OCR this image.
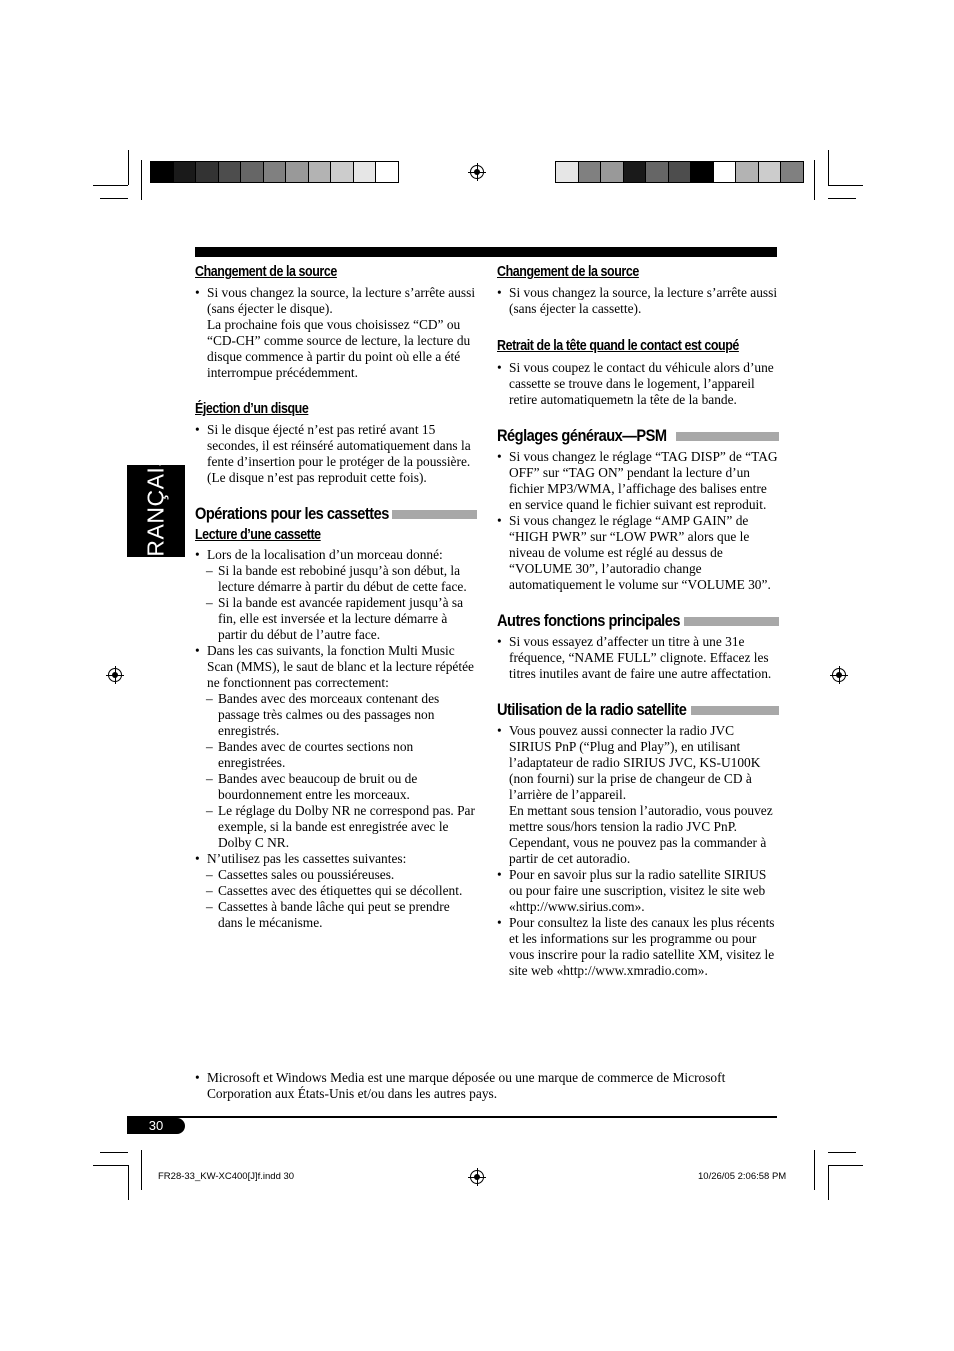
FRANÇAIS

Changement de la source

• Si vous changez la source, la lecture s’arrête aussi (sans éjecter le disque).
La prochaine fois que vous choisissez “CD” ou “CD-CH” comme source de lecture, la lecture du disque commence à partir du point où elle a été interrompue précédemment.

Éjection d’un disque

• Si le disque éjecté n’est pas retiré avant 15 secondes, il est réinséré automatiquement dans la fente d’insertion pour le protéger de la poussière. (Le disque n’est pas reproduit cette fois).

Opérations pour les cassettes

Lecture d’une cassette

• Lors de la localisation d’un morceau donné:
– Si la bande est rebobiné jusqu’à son début, la lecture démarre à partir du début de cette face.
– Si la bande est avancée rapidement jusqu’à sa fin, elle est inversée et la lecture démarre à partir du début de l’autre face.
• Dans les cas suivants, la fonction Multi Music Scan (MMS), le saut de blanc et la lecture répétée ne fonctionnent pas correctement:
– Bandes avec des morceaux contenant des passage très calmes ou des passages non enregistrés.
– Bandes avec de courtes sections non enregistrées.
– Bandes avec beaucoup de bruit ou de bourdonnement entre les morceaux.
– Le réglage du Dolby NR ne correspond pas. Par exemple, si la bande est enregistrée avec le Dolby C NR.
• N’utilisez pas les cassettes suivantes:
– Cassettes sales ou poussiéreuses.
– Cassettes avec des étiquettes qui se décollent.
– Cassettes à bande lâche qui peut se prendre dans le mécanisme.

Changement de la source

• Si vous changez la source, la lecture s’arrête aussi (sans éjecter la cassette).

Retrait de la tête quand le contact est coupé

• Si vous coupez le contact du véhicule alors d’une cassette se trouve dans le logement, l’appareil retire automatiquemetn la tête de la bande.

Réglages généraux—PSM

• Si vous changez le réglage “TAG DISP” de “TAG OFF” sur “TAG ON” pendant la lecture d’un fichier MP3/WMA, l’affichage des balises entre en service quand le fichier suivant est reproduit.
• Si vous changez le réglage “AMP GAIN” de “HIGH PWR” sur “LOW PWR” alors que le niveau de volume est réglé au dessus de “VOLUME 30”, l’autoradio change automatiquement le volume sur “VOLUME 30”.

Autres fonctions principales

• Si vous essayez d’affecter un titre à une 31e fréquence, “NAME FULL” clignote. Effacez les titres inutiles avant de faire une autre affectation.

Utilisation de la radio satellite

• Vous pouvez aussi connecter la radio JVC SIRIUS PnP (“Plug and Play”), en utilisant l’adaptateur de radio SIRIUS JVC, KS-U100K (non fourni) sur la prise de changeur de CD à l’arrière de l’appareil.
En mettant sous tension l’autoradio, vous pouvez mettre sous/hors tension la radio JVC PnP. Cependant, vous ne pouvez pas la commander à partir de cet autoradio.
• Pour en savoir plus sur la radio satellite SIRIUS ou pour faire une suscription, visitez le site web «http://www.sirius.com».
• Pour consultez la liste des canaux les plus récents et les informations sur les programme ou pour vous inscrire pour la radio satellite XM, visitez le site web «http://www.xmradio.com».
• Microsoft et Windows Media est une marque déposée ou une marque de commerce de Microsoft Corporation aux États-Unis et/ou dans les autres pays.
30
FR28-33_KW-XC400[J]f.indd 30	10/26/05 2:06:58 PM
